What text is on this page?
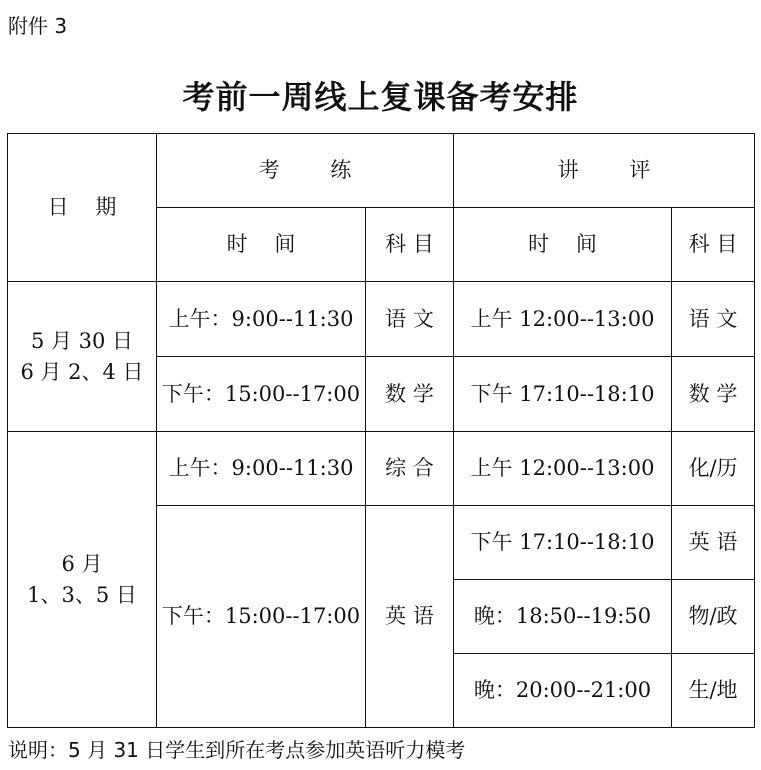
附件 3
考前一周线上复课备考安排
日 期	考 练		讲 评	
	时 间	科 目	时 间	科 目

5 月 30 日
6 月 2、4 日	上午：9:00--11:30	语 文	上午 12:00--13:00	语 文
	下午：15:00--17:00	数 学	下午 17:10--18:10	数 学

6 月
1、3、5 日	上午：9:00--11:30	综 合	上午 12:00--13:00	化/历
	下午：15:00--17:00	英 语	下午 17:10--18:10	英 语
			晚：18:50--19:50	物/政
			晚：20:00--21:00	生/地
说明：5 月 31 日学生到所在考点参加英语听力模考
